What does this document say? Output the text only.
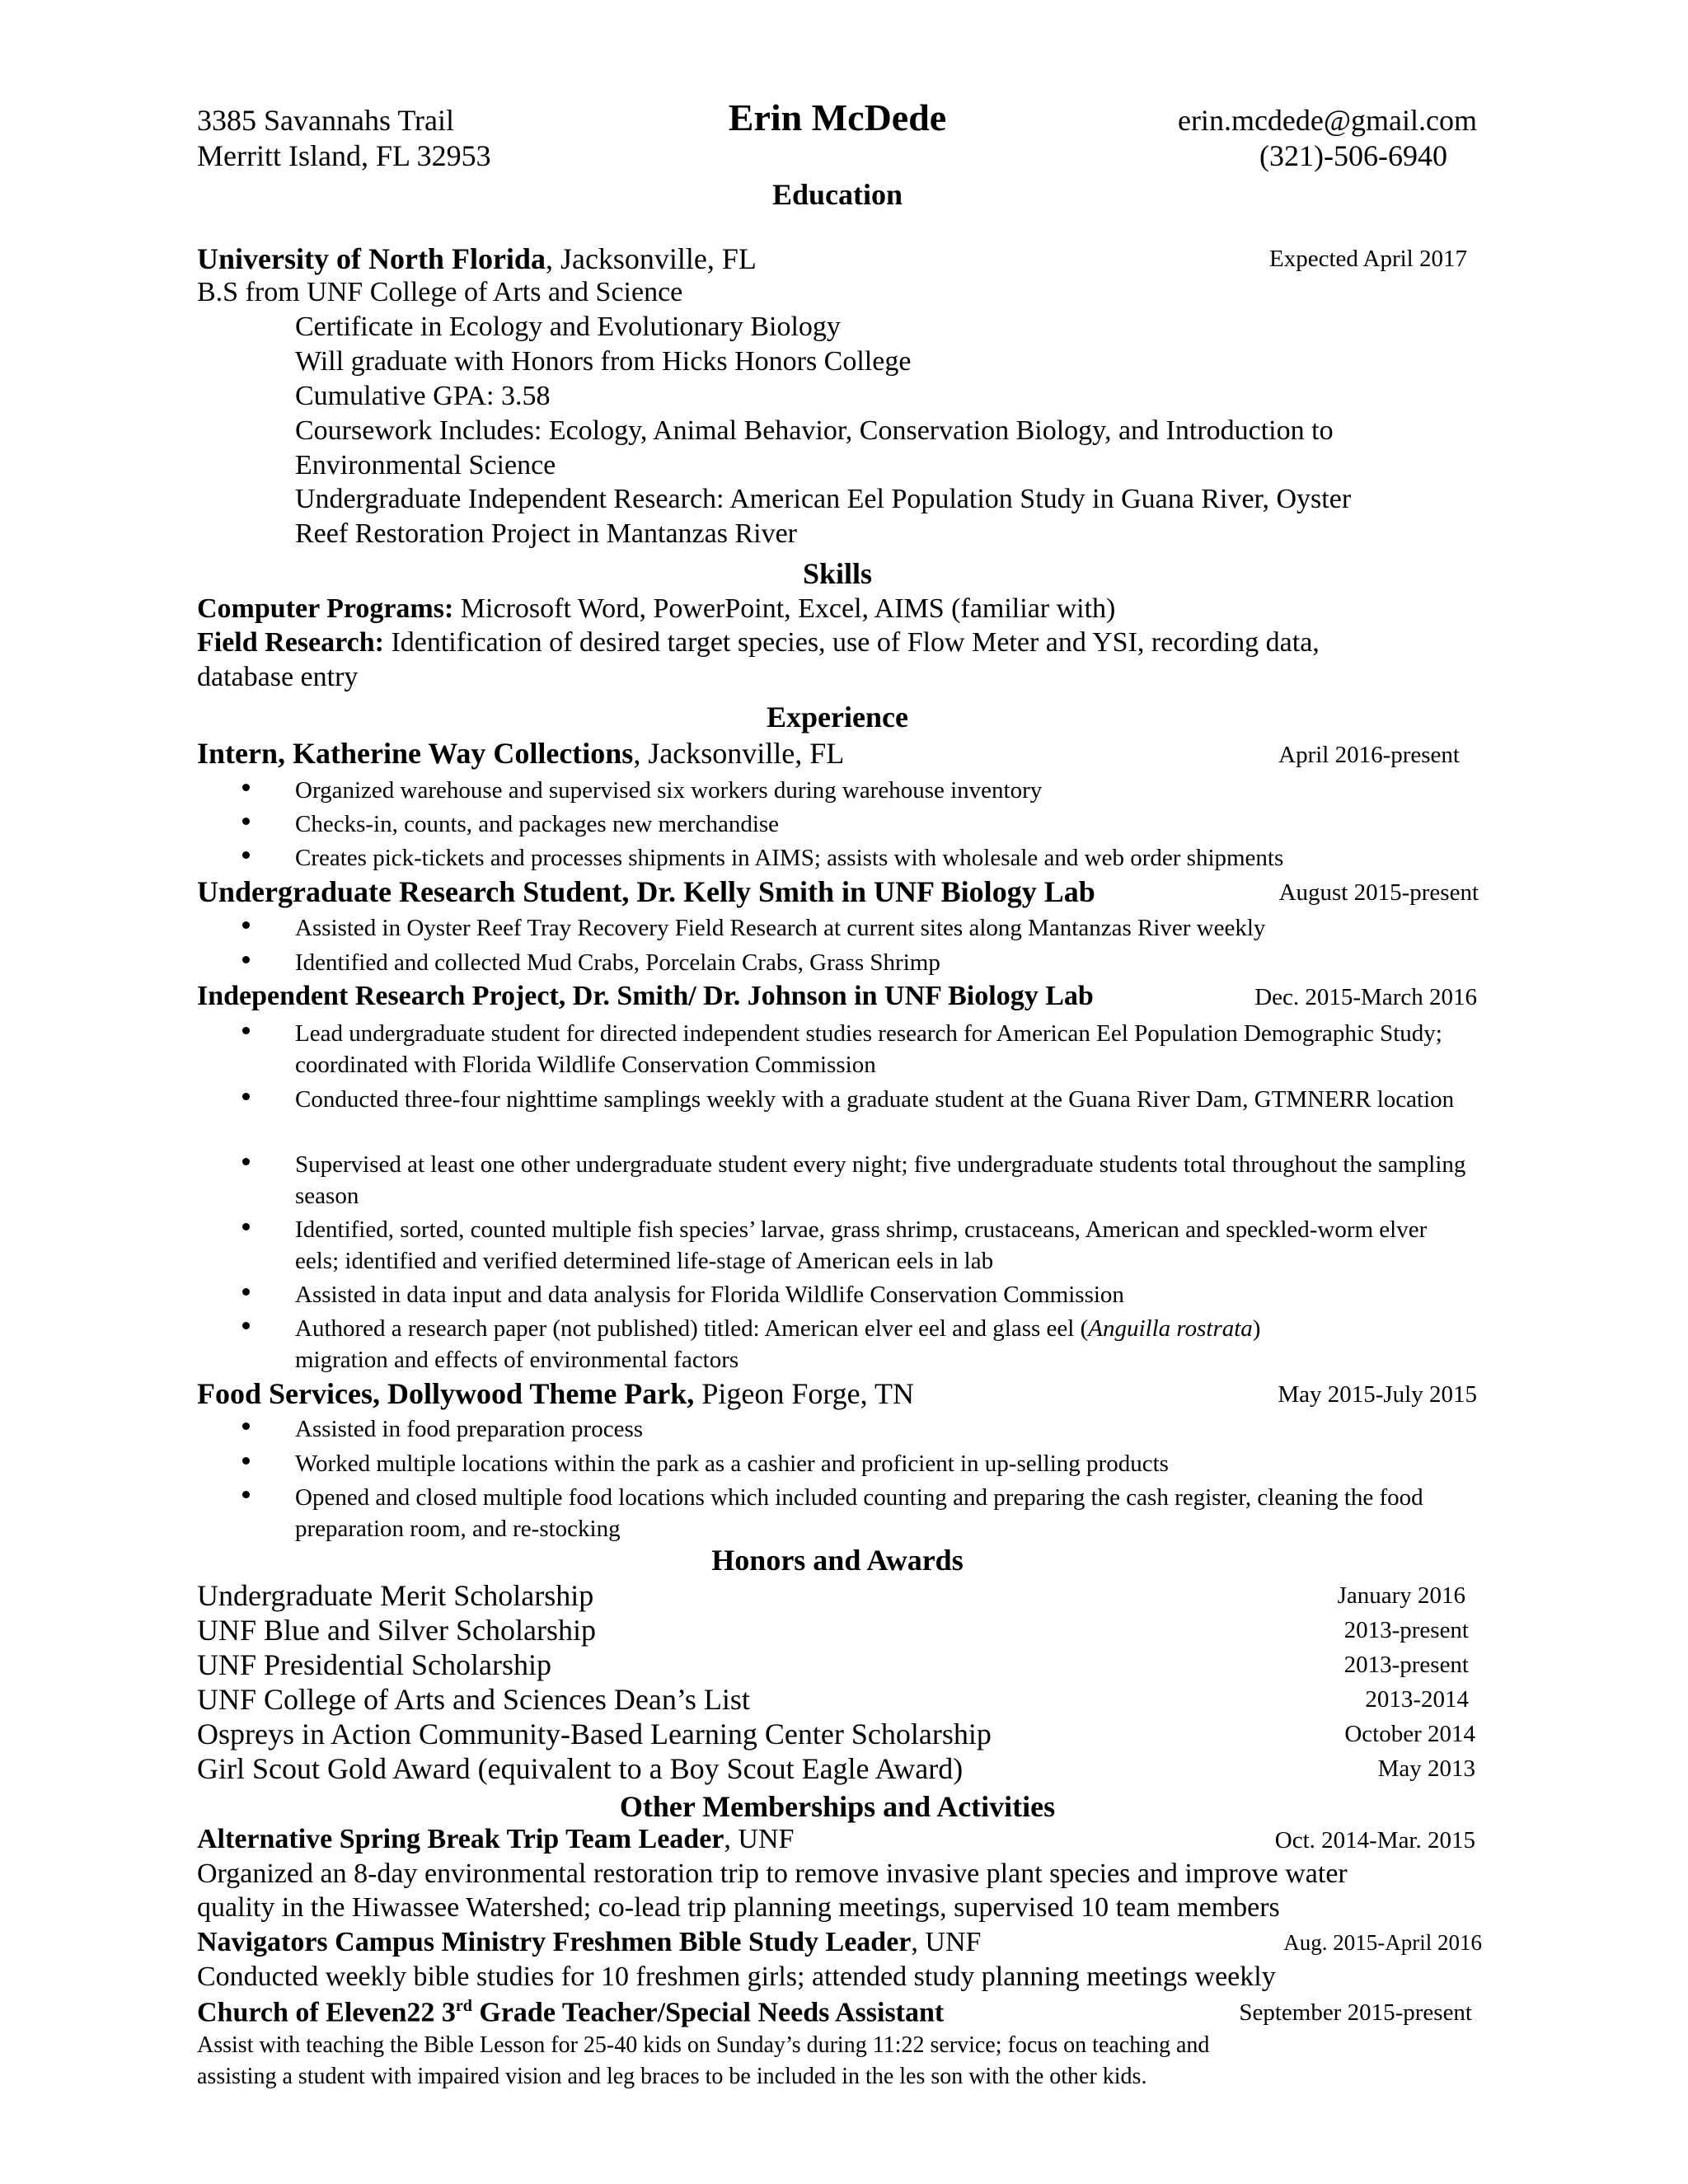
3385 Savannahs Trail
Merritt Island, FL 32953
Erin McDede	erin.mcdede@gmail.com
(321)-506-6940
Education
University of North Florida, Jacksonville, FL	Expected April 2017
B.S from UNF College of Arts and Science
Certificate in Ecology and Evolutionary Biology
Will graduate with Honors from Hicks Honors College
Cumulative GPA: 3.58
Coursework Includes: Ecology, Animal Behavior, Conservation Biology, and Introduction to
Environmental Science
Undergraduate Independent Research: American Eel Population Study in Guana River, Oyster
Reef Restoration Project in Mantanzas River
Skills
Computer Programs: Microsoft Word, PowerPoint, Excel, AIMS (familiar with)
Field Research: Identification of desired target species, use of Flow Meter and YSI, recording data,
database entry
Experience
Intern, Katherine Way Collections, Jacksonville, FL	April 2016-present
Organized warehouse and supervised six workers during warehouse inventory
Checks-in, counts, and packages new merchandise
Creates pick-tickets and processes shipments in AIMS; assists with wholesale and web order shipments
Undergraduate Research Student, Dr. Kelly Smith in UNF Biology Lab	August 2015-present
Assisted in Oyster Reef Tray Recovery Field Research at current sites along Mantanzas River weekly
Identified and collected Mud Crabs, Porcelain Crabs, Grass Shrimp
Independent Research Project, Dr. Smith/ Dr. Johnson in UNF Biology Lab	Dec. 2015-March 2016
Lead undergraduate student for directed independent studies research for American Eel Population Demographic Study; coordinated with Florida Wildlife Conservation Commission
Conducted three-four nighttime samplings weekly with a graduate student at the Guana River Dam, GTMNERR location
Supervised at least one other undergraduate student every night; five undergraduate students total throughout the sampling season
Identified, sorted, counted multiple fish species’ larvae, grass shrimp, crustaceans, American and speckled-worm elver eels; identified and verified determined life-stage of American eels in lab
Assisted in data input and data analysis for Florida Wildlife Conservation Commission
Authored a research paper (not published) titled: American elver eel and glass eel (Anguilla rostrata)
migration and effects of environmental factors
Food Services, Dollywood Theme Park, Pigeon Forge, TN	May 2015-July 2015
Assisted in food preparation process
Worked multiple locations within the park as a cashier and proficient in up-selling products
Opened and closed multiple food locations which included counting and preparing the cash register, cleaning the food preparation room, and re-stocking
Honors and Awards
Undergraduate Merit Scholarship	January 2016
UNF Blue and Silver Scholarship	2013-present
UNF Presidential Scholarship	2013-present
UNF College of Arts and Sciences Dean’s List	2013-2014
Ospreys in Action Community-Based Learning Center Scholarship	October 2014
Girl Scout Gold Award (equivalent to a Boy Scout Eagle Award)	May 2013
Other Memberships and Activities
Alternative Spring Break Trip Team Leader, UNF	Oct. 2014-Mar. 2015
Organized an 8-day environmental restoration trip to remove invasive plant species and improve water
quality in the Hiwassee Watershed; co-lead trip planning meetings, supervised 10 team members
Navigators Campus Ministry Freshmen Bible Study Leader, UNF	Aug. 2015-April 2016
Conducted weekly bible studies for 10 freshmen girls; attended study planning meetings weekly
Church of Eleven22 3rd Grade Teacher/Special Needs Assistant	September 2015-present
Assist with teaching the Bible Lesson for 25-40 kids on Sunday’s during 11:22 service; focus on teaching and
assisting a student with impaired vision and leg braces to be included in the les son with the other kids.
